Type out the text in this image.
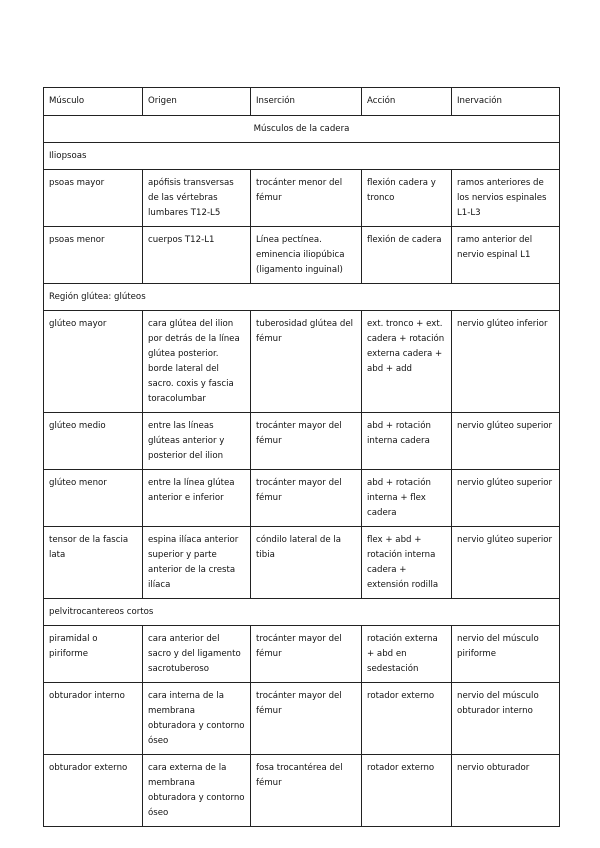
Músculo	Origen	Inserción	Acción	Inervación
Músculos de la cadera				
Iliopsoas				
psoas mayor	apófisis transversas de las vértebras lumbares T12-L5	trocánter menor del fémur	flexión cadera y tronco	ramos anteriores de los nervios espinales L1-L3
psoas menor	cuerpos T12-L1	Línea pectínea. eminencia iliopúbica (ligamento inguinal)	flexión de cadera	ramo anterior del nervio espinal L1
Región glútea: glúteos				
glúteo mayor	cara glútea del ilion por detrás de la línea glútea posterior. borde lateral del sacro. coxis y fascia toracolumbar	tuberosidad glútea del fémur	ext. tronco + ext. cadera + rotación externa cadera + abd + add	nervio glúteo inferior
glúteo medio	entre las líneas glúteas anterior y posterior del ilion	trocánter mayor del fémur	abd + rotación interna cadera	nervio glúteo superior
glúteo menor	entre la línea glútea anterior e inferior	trocánter mayor del fémur	abd + rotación interna + flex cadera	nervio glúteo superior
tensor de la fascia lata	espina ilíaca anterior superior y parte anterior de la cresta ilíaca	cóndilo lateral de la tibia	flex + abd + rotación interna cadera + extensión rodilla	nervio glúteo superior
pelvitrocantereos cortos				
piramidal o piriforme	cara anterior del sacro y del ligamento sacrotuberoso	trocánter mayor del fémur	rotación externa + abd en sedestación	nervio del músculo piriforme
obturador interno	cara interna de la membrana obturadora y contorno óseo	trocánter mayor del fémur	rotador externo	nervio del músculo obturador interno
obturador externo	cara externa de la membrana obturadora y contorno óseo	fosa trocantérea del fémur	rotador externo	nervio obturador
